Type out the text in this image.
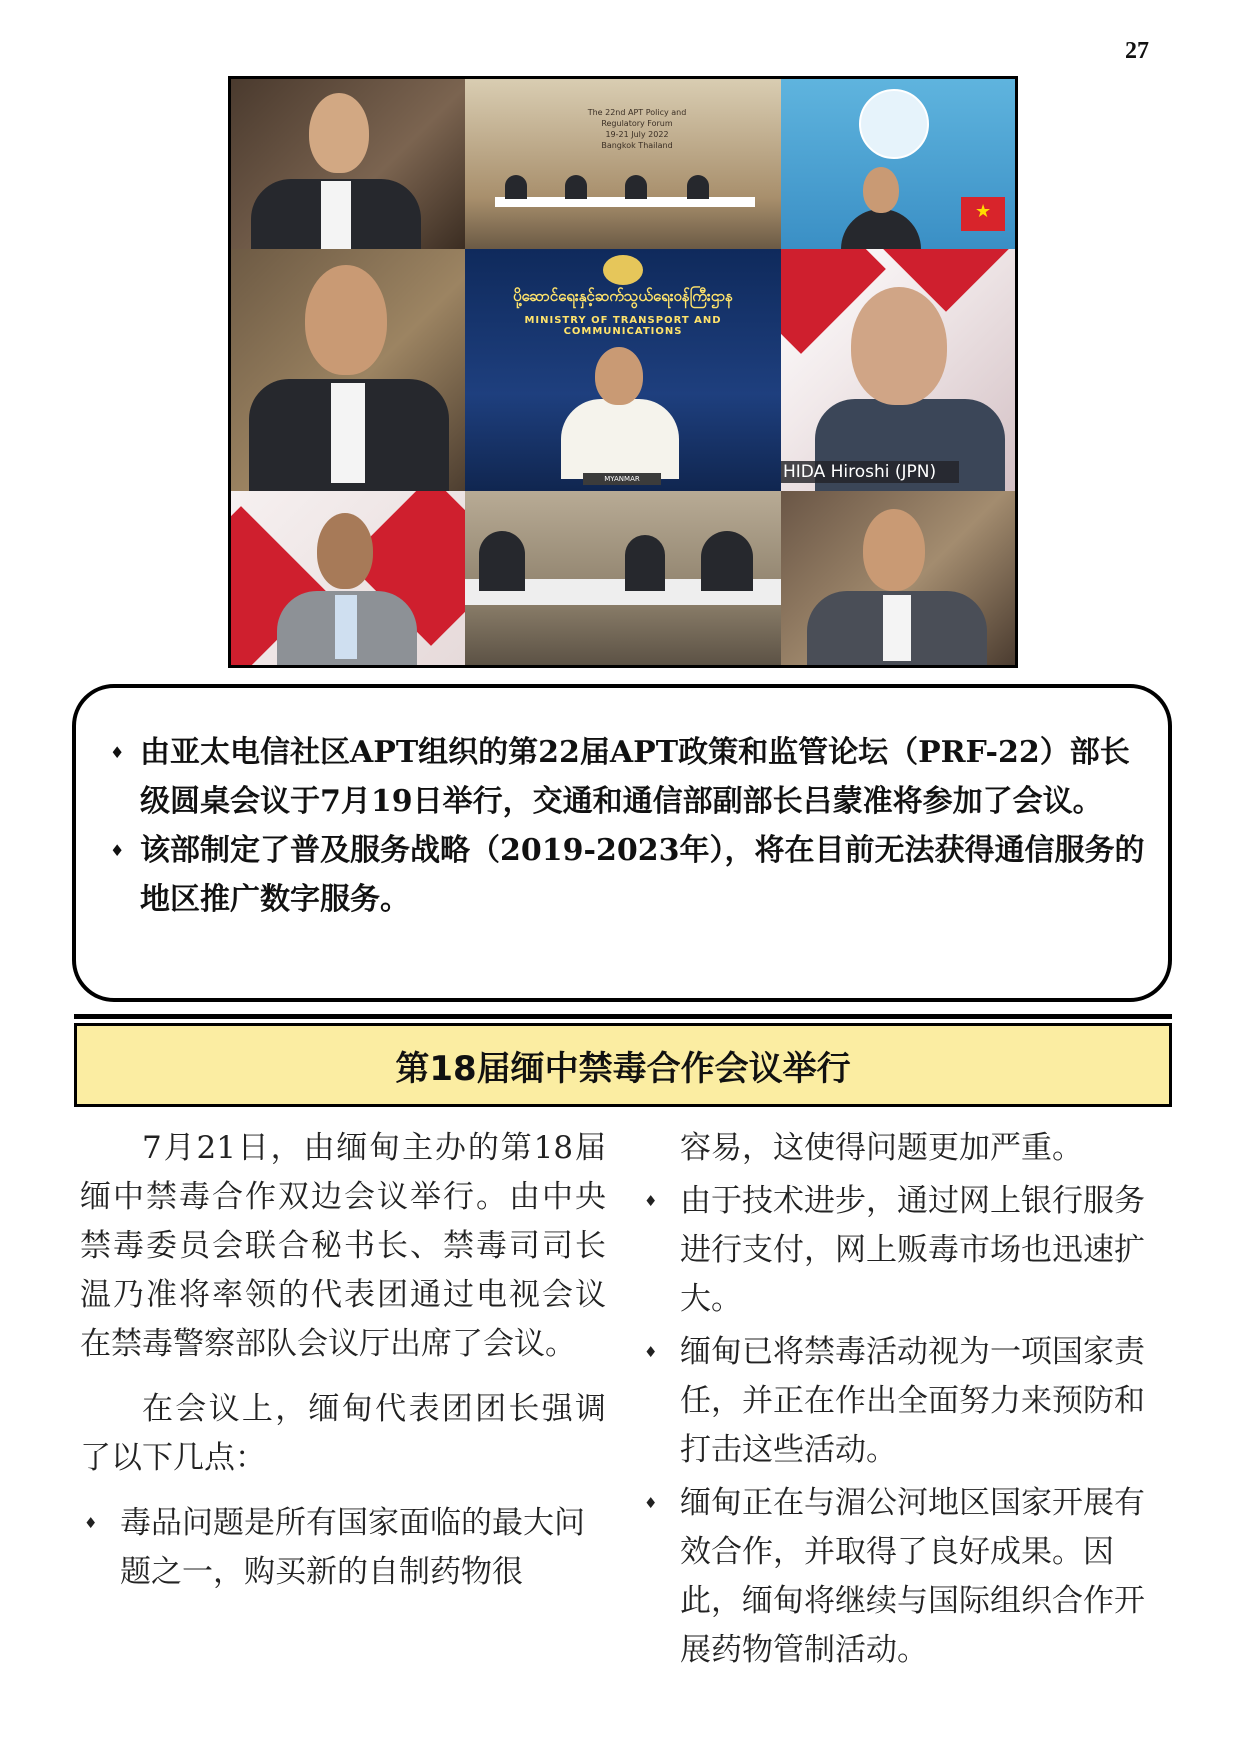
27
The 22nd APT Policy and Regulatory Forum
19-21 July 2022
Bangkok Thailand
★
ပို့ဆောင်ရေးနှင့်ဆက်သွယ်ရေးဝန်ကြီးဌာန
MINISTRY OF TRANSPORT AND COMMUNICATIONS
MYANMAR	HIDA Hiroshi (JPN)
♦ 由亚太电信社区APT组织的第22届APT政策和监管论坛（PRF-22）部长级圆桌会议于7月19日举行，交通和通信部副部长吕蒙准将参加了会议。
♦ 该部制定了普及服务战略（2019-2023年），将在目前无法获得通信服务的地区推广数字服务。
第18届缅中禁毒合作会议举行

7月21日，由缅甸主办的第18届缅中禁毒合作双边会议举行。由中央禁毒委员会联合秘书长、禁毒司司长温乃准将率领的代表团通过电视会议在禁毒警察部队会议厅出席了会议。

在会议上，缅甸代表团团长强调了以下几点：

♦ 毒品问题是所有国家面临的最大问题之一，购买新的自制药物很

容易，这使得问题更加严重。

♦ 由于技术进步，通过网上银行服务进行支付，网上贩毒市场也迅速扩大。
♦ 缅甸已将禁毒活动视为一项国家责任，并正在作出全面努力来预防和打击这些活动。
♦ 缅甸正在与湄公河地区国家开展有效合作，并取得了良好成果。因此，缅甸将继续与国际组织合作开展药物管制活动。
